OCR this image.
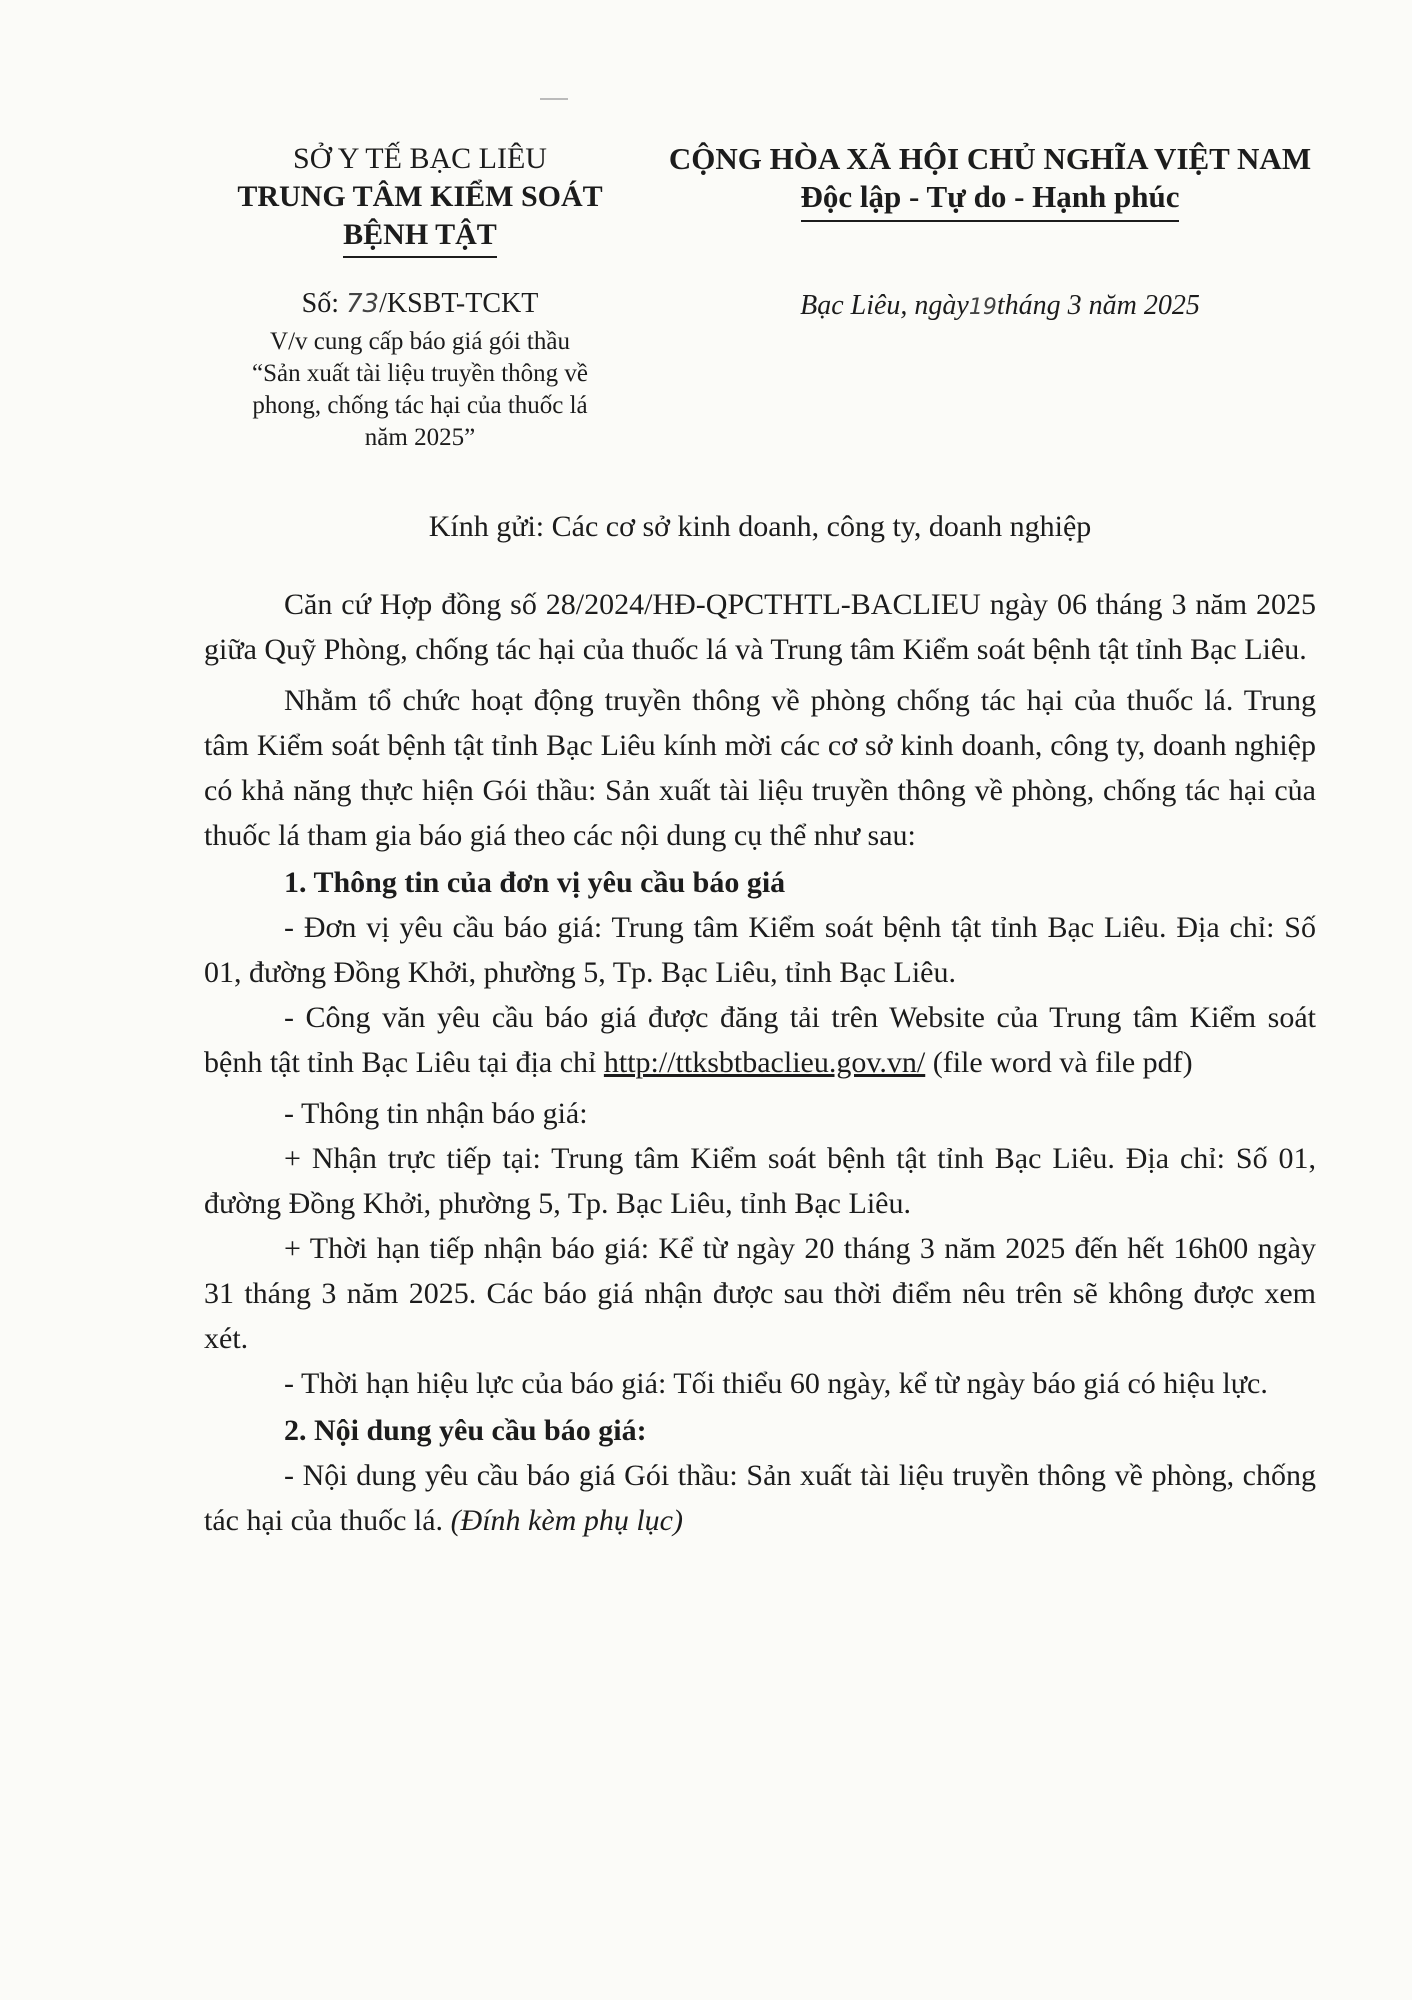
SỞ Y TẾ BẠC LIÊU
TRUNG TÂM KIỂM SOÁT
BỆNH TẬT
CỘNG HÒA XÃ HỘI CHỦ NGHĨA VIỆT NAM
Độc lập - Tự do - Hạnh phúc
Số: 73/KSBT-TCKT
V/v cung cấp báo giá gói thầu
“Sản xuất tài liệu truyền thông về
phong, chống tác hại của thuốc lá
năm 2025”
Bạc Liêu, ngày19tháng 3 năm 2025
Kính gửi: Các cơ sở kinh doanh, công ty, doanh nghiệp

Căn cứ Hợp đồng số 28/2024/HĐ-QPCTHTL-BACLIEU ngày 06 tháng 3 năm 2025 giữa Quỹ Phòng, chống tác hại của thuốc lá và Trung tâm Kiểm soát bệnh tật tỉnh Bạc Liêu.

Nhằm tổ chức hoạt động truyền thông về phòng chống tác hại của thuốc lá. Trung tâm Kiểm soát bệnh tật tỉnh Bạc Liêu kính mời các cơ sở kinh doanh, công ty, doanh nghiệp có khả năng thực hiện Gói thầu: Sản xuất tài liệu truyền thông về phòng, chống tác hại của thuốc lá tham gia báo giá theo các nội dung cụ thể như sau:

1. Thông tin của đơn vị yêu cầu báo giá

- Đơn vị yêu cầu báo giá: Trung tâm Kiểm soát bệnh tật tỉnh Bạc Liêu. Địa chỉ: Số 01, đường Đồng Khởi, phường 5, Tp. Bạc Liêu, tỉnh Bạc Liêu.

- Công văn yêu cầu báo giá được đăng tải trên Website của Trung tâm Kiểm soát bệnh tật tỉnh Bạc Liêu tại địa chỉ http://ttksbtbaclieu.gov.vn/ (file word và file pdf)

- Thông tin nhận báo giá:

+ Nhận trực tiếp tại: Trung tâm Kiểm soát bệnh tật tỉnh Bạc Liêu. Địa chỉ: Số 01, đường Đồng Khởi, phường 5, Tp. Bạc Liêu, tỉnh Bạc Liêu.

+ Thời hạn tiếp nhận báo giá: Kể từ ngày 20 tháng 3 năm 2025 đến hết 16h00 ngày 31 tháng 3 năm 2025. Các báo giá nhận được sau thời điểm nêu trên sẽ không được xem xét.

- Thời hạn hiệu lực của báo giá: Tối thiểu 60 ngày, kể từ ngày báo giá có hiệu lực.

2. Nội dung yêu cầu báo giá:

- Nội dung yêu cầu báo giá Gói thầu: Sản xuất tài liệu truyền thông về phòng, chống tác hại của thuốc lá. (Đính kèm phụ lục)
